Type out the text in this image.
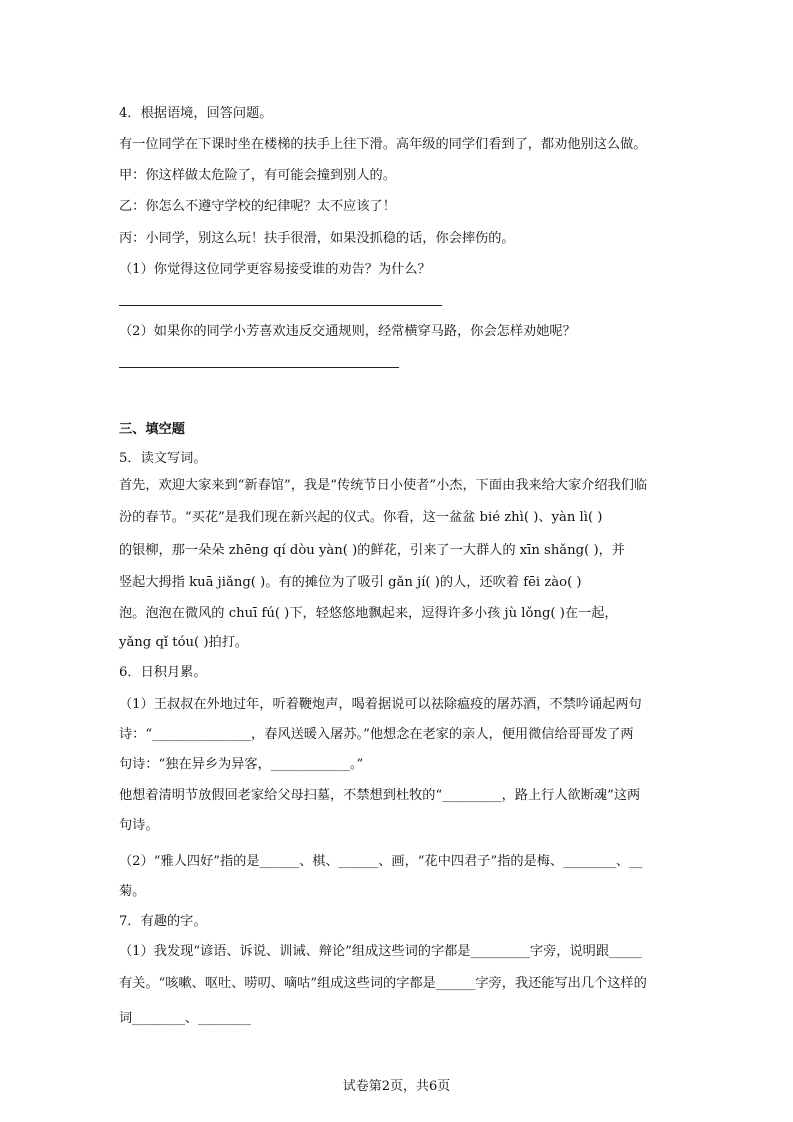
4．根据语境，回答问题。
有一位同学在下课时坐在楼梯的扶手上往下滑。高年级的同学们看到了，都劝他别这么做。
甲：你这样做太危险了，有可能会撞到别人的。
乙：你怎么不遵守学校的纪律呢？太不应该了！
丙：小同学，别这么玩！扶手很滑，如果没抓稳的话，你会摔伤的。
（1）你觉得这位同学更容易接受谁的劝告？为什么？
（2）如果你的同学小芳喜欢违反交通规则，经常横穿马路，你会怎样劝她呢？
三、填空题
5．读文写词。
首先，欢迎大家来到“新春馆”，我是“传统节日小使者”小杰，下面由我来给大家介绍我们临
汾的春节。“买花”是我们现在新兴起的仪式。你看，这一盆盆 bié zhì( )、yàn lì( )
的银柳，那一朵朵 zhēng qí dòu yàn( )的鲜花，引来了一大群人的 xīn shǎng( )，并
竖起大拇指 kuā jiǎng( )。有的摊位为了吸引 gǎn jí( )的人，还吹着 fēi zào( )
泡。泡泡在微风的 chuī fú( )下，轻悠悠地飘起来，逗得许多小孩 jù lǒng( )在一起，
yǎng qǐ tóu( )拍打。
6．日积月累。
（1）王叔叔在外地过年，听着鞭炮声，喝着据说可以祛除瘟疫的屠苏酒，不禁吟诵起两句
诗：“_______________，春风送暖入屠苏。”他想念在老家的亲人，便用微信给哥哥发了两
句诗：“独在异乡为异客，____________。”
他想着清明节放假回老家给父母扫墓，不禁想到杜牧的“_________，路上行人欲断魂”这两
句诗。
（2）“雅人四好”指的是______、棋、______、画，“花中四君子”指的是梅、________、__
菊。
7．有趣的字。
（1）我发现“谚语、诉说、训诫、辩论”组成这些词的字都是_________字旁，说明跟_____
有关。“咳嗽、呕吐、唠叨、嘀咕”组成这些词的字都是______字旁，我还能写出几个这样的
词________、________
试卷第2页，共6页
